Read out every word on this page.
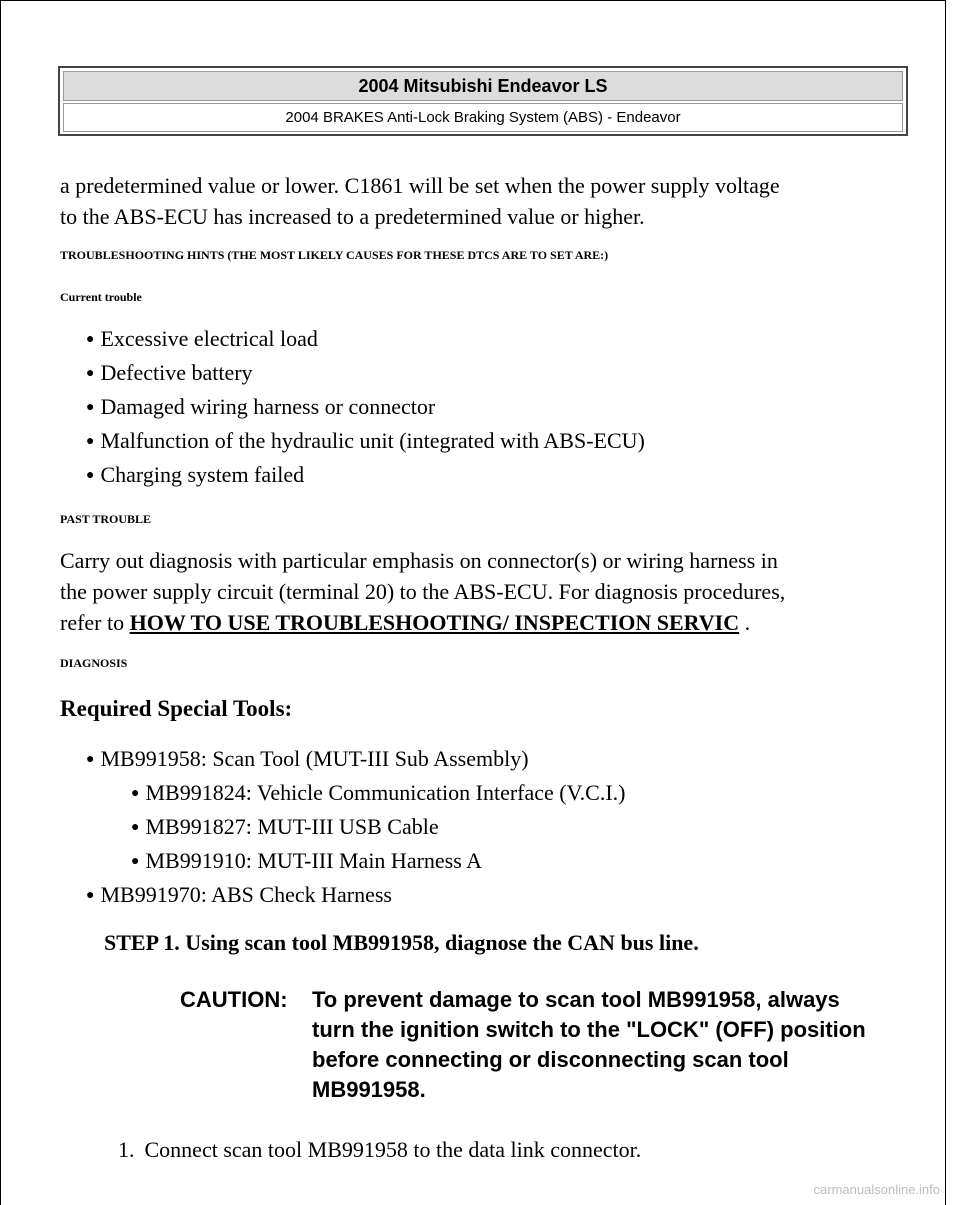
2004 Mitsubishi Endeavor LS
2004 BRAKES Anti-Lock Braking System (ABS) - Endeavor

a predetermined value or lower. C1861 will be set when the power supply voltage
to the ABS-ECU has increased to a predetermined value or higher.

TROUBLESHOOTING HINTS (THE MOST LIKELY CAUSES FOR THESE DTCS ARE TO SET ARE:)

Current trouble

● Excessive electrical load

● Defective battery

● Damaged wiring harness or connector

● Malfunction of the hydraulic unit (integrated with ABS-ECU)

● Charging system failed

PAST TROUBLE

Carry out diagnosis with particular emphasis on connector(s) or wiring harness in
the power supply circuit (terminal 20) to the ABS-ECU. For diagnosis procedures,
refer to HOW TO USE TROUBLESHOOTING/ INSPECTION SERVIC .

DIAGNOSIS

Required Special Tools:

● MB991958: Scan Tool (MUT-III Sub Assembly)

● MB991824: Vehicle Communication Interface (V.C.I.)

● MB991827: MUT-III USB Cable

● MB991910: MUT-III Main Harness A

● MB991970: ABS Check Harness

STEP 1. Using scan tool MB991958, diagnose the CAN bus line.

CAUTION: To prevent damage to scan tool MB991958, always turn the ignition switch to the "LOCK" (OFF) position before connecting or disconnecting scan tool MB991958.

1. Connect scan tool MB991958 to the data link connector.

carmanualsonline.info
